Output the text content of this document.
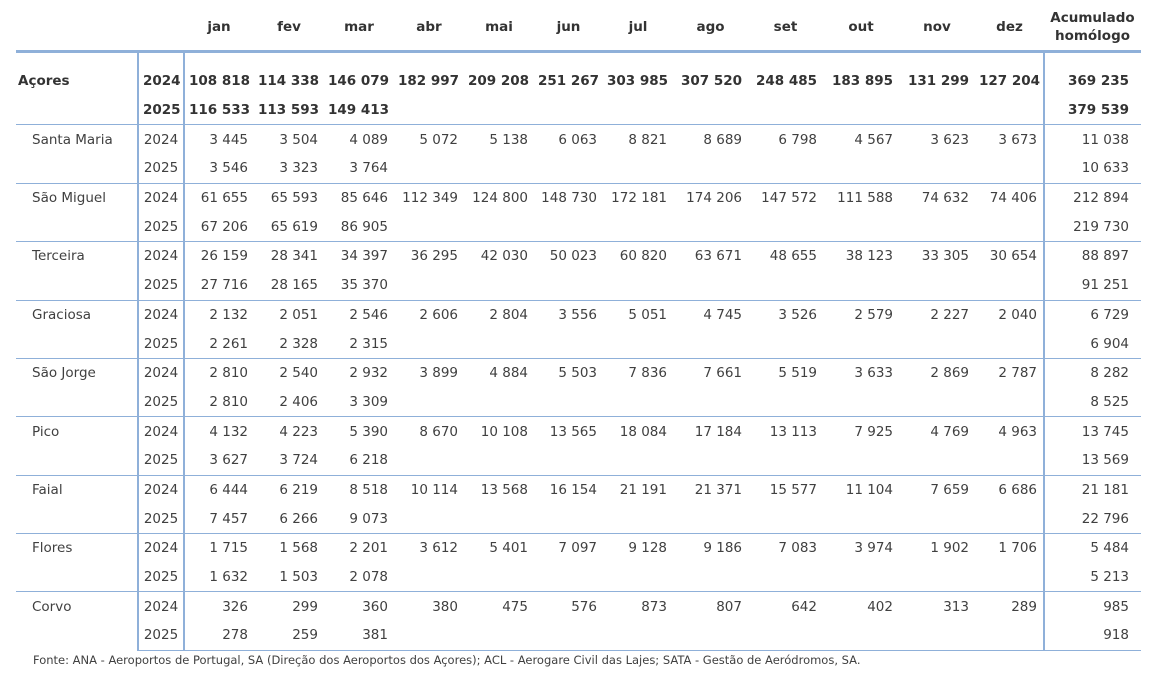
		jan	fev	mar	abr	mai	jun	jul	ago	set	out	nov	dez	Acumulado
homólogo

Açores	2024	108 818	114 338	146 079	182 997	209 208	251 267	303 985	307 520	248 485	183 895	131 299	127 204	369 235
	2025	116 533	113 593	149 413										379 539
Santa Maria	2024	3 445	3 504	4 089	5 072	5 138	6 063	8 821	8 689	6 798	4 567	3 623	3 673	11 038
	2025	3 546	3 323	3 764										10 633
São Miguel	2024	61 655	65 593	85 646	112 349	124 800	148 730	172 181	174 206	147 572	111 588	74 632	74 406	212 894
	2025	67 206	65 619	86 905										219 730
Terceira	2024	26 159	28 341	34 397	36 295	42 030	50 023	60 820	63 671	48 655	38 123	33 305	30 654	88 897
	2025	27 716	28 165	35 370										91 251
Graciosa	2024	2 132	2 051	2 546	2 606	2 804	3 556	5 051	4 745	3 526	2 579	2 227	2 040	6 729
	2025	2 261	2 328	2 315										6 904
São Jorge	2024	2 810	2 540	2 932	3 899	4 884	5 503	7 836	7 661	5 519	3 633	2 869	2 787	8 282
	2025	2 810	2 406	3 309										8 525
Pico	2024	4 132	4 223	5 390	8 670	10 108	13 565	18 084	17 184	13 113	7 925	4 769	4 963	13 745
	2025	3 627	3 724	6 218										13 569
Faial	2024	6 444	6 219	8 518	10 114	13 568	16 154	21 191	21 371	15 577	11 104	7 659	6 686	21 181
	2025	7 457	6 266	9 073										22 796
Flores	2024	1 715	1 568	2 201	3 612	5 401	7 097	9 128	9 186	7 083	3 974	1 902	1 706	5 484
	2025	1 632	1 503	2 078										5 213
Corvo	2024	326	299	360	380	475	576	873	807	642	402	313	289	985
	2025	278	259	381										918
Fonte: ANA - Aeroportos de Portugal, SA (Direção dos Aeroportos dos Açores); ACL - Aerogare Civil das Lajes; SATA - Gestão de Aeródromos, SA.
